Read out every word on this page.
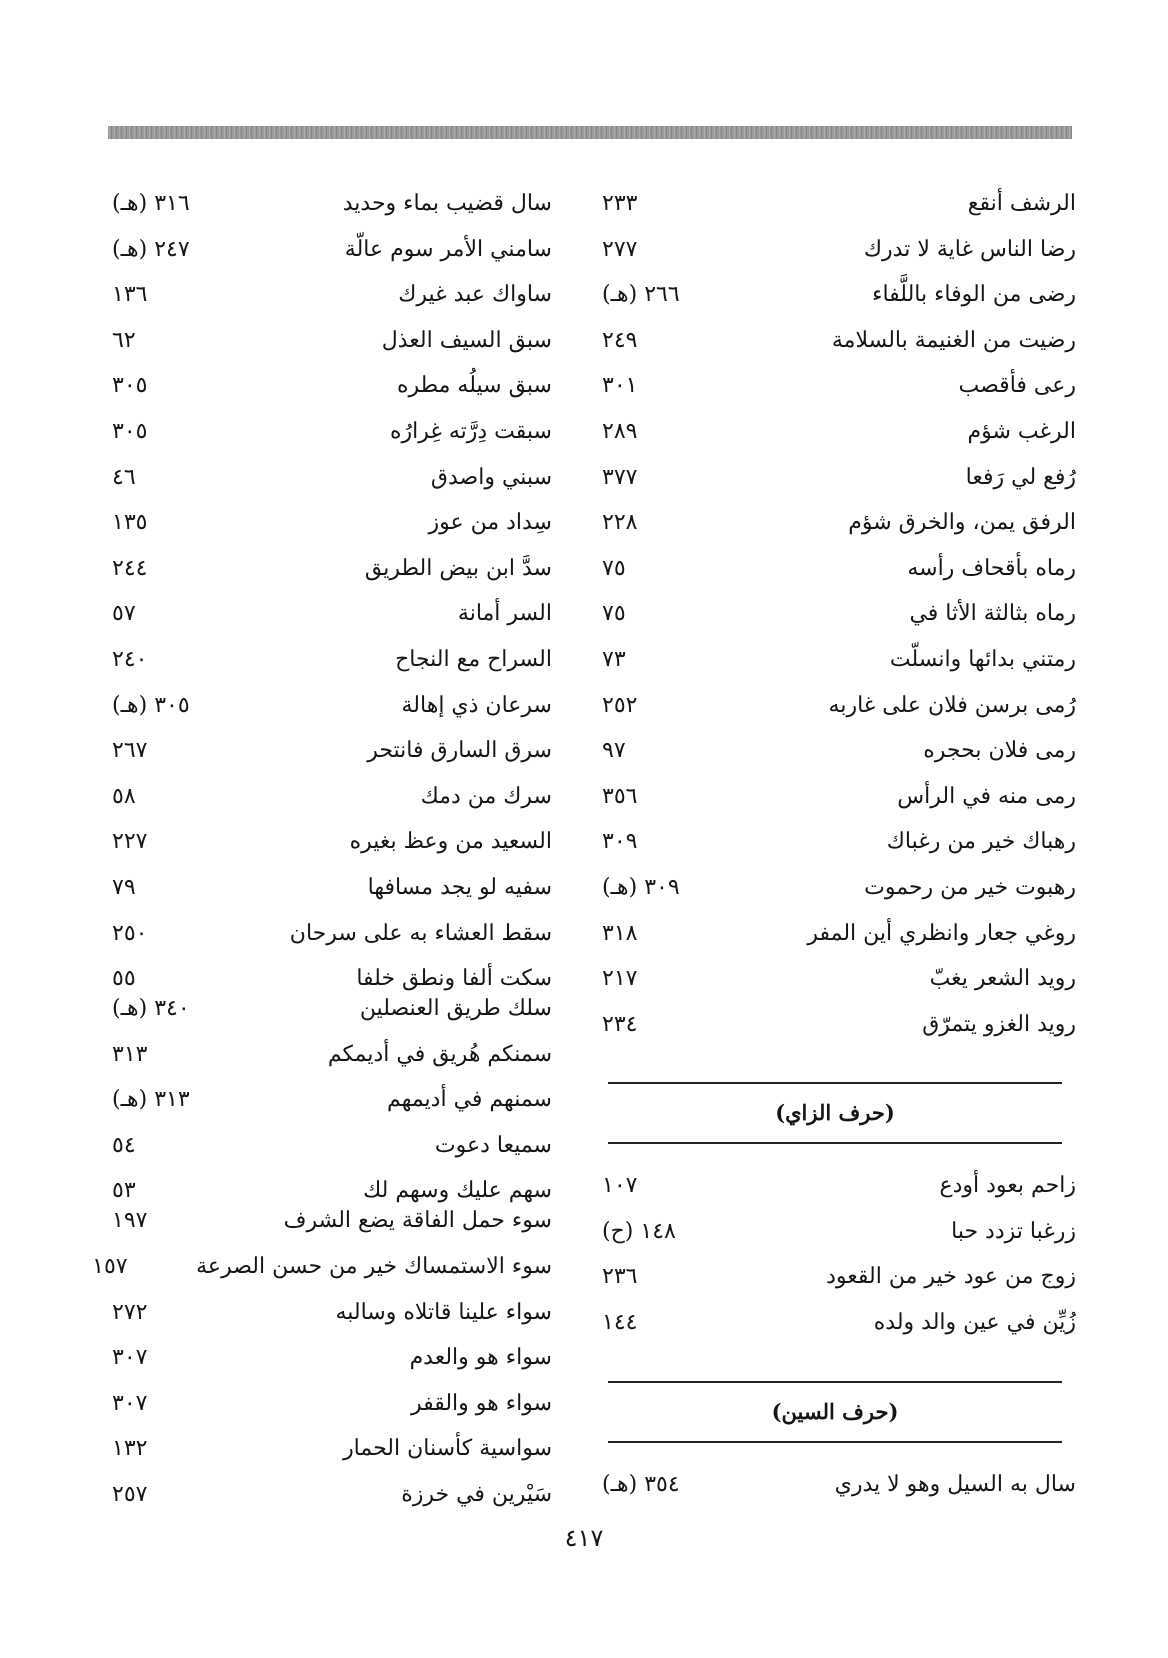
الرشف أنقع
٢٣٣
رضا الناس غاية لا تدرك
٢٧٧
رضى من الوفاء باللَّفاء
٢٦٦ (هـ)
رضيت من الغنيمة بالسلامة
٢٤٩
رعى فأقصب
٣٠١
الرغب شؤم
٢٨٩
رُفع لي رَفعا
٣٧٧
الرفق يمن، والخرق شؤم
٢٢٨
رماه بأقحاف رأسه
٧٥
رماه بثالثة الأثا في
٧٥
رمتني بدائها وانسلّت
٧٣
رُمى برسن فلان على غاربه
٢٥٢
رمى فلان بحجره
٩٧
رمى منه في الرأس
٣٥٦
رهباك خير من رغباك
٣٠٩
رهبوت خير من رحموت
٣٠٩ (هـ)
روغي جعار وانظري أين المفر
٣١٨
رويد الشعر يغبّ
٢١٧
رويد الغزو يتمرّق
٢٣٤
(حرف الزاي)
زاحم بعود أودع
١٠٧
زرغبا تزدد حبا
١٤٨ (ح)
زوج من عود خير من القعود
٢٣٦
زُيِّن في عين والد ولده
١٤٤
(حرف السين)
سال به السيل وهو لا يدري
٣٥٤ (هـ)
سال قضيب بماء وحديد
٣١٦ (هـ)
سامني الأمر سوم عالّة
٢٤٧ (هـ)
ساواك عبد غيرك
١٣٦
سبق السيف العذل
٦٢
سبق سيلُه مطره
٣٠٥
سبقت دِرَّته غِرارُه
٣٠٥
سبني واصدق
٤٦
سِداد من عوز
١٣٥
سدَّ ابن بيض الطريق
٢٤٤
السر أمانة
٥٧
السراح مع النجاح
٢٤٠
سرعان ذي إهالة
٣٠٥ (هـ)
سرق السارق فانتحر
٢٦٧
سرك من دمك
٥٨
السعيد من وعظ بغيره
٢٢٧
سفيه لو يجد مسافها
٧٩
سقط العشاء به على سرحان
٢٥٠
سكت ألفا ونطق خلفا
٥٥
سلك طريق العنصلين
٣٤٠ (هـ)
سمنكم هُريق في أديمكم
٣١٣
سمنهم في أديمهم
٣١٣ (هـ)
سميعا دعوت
٥٤
سهم عليك وسهم لك
٥٣
سوء حمل الفاقة يضع الشرف
١٩٧
سوء الاستمساك خير من حسن الصرعة
١٥٧
سواء علينا قاتلاه وسالبه
٢٧٢
سواء هو والعدم
٣٠٧
سواء هو والقفر
٣٠٧
سواسية كأسنان الحمار
١٣٢
سَيْرين في خرزة
٢٥٧
٤١٧
